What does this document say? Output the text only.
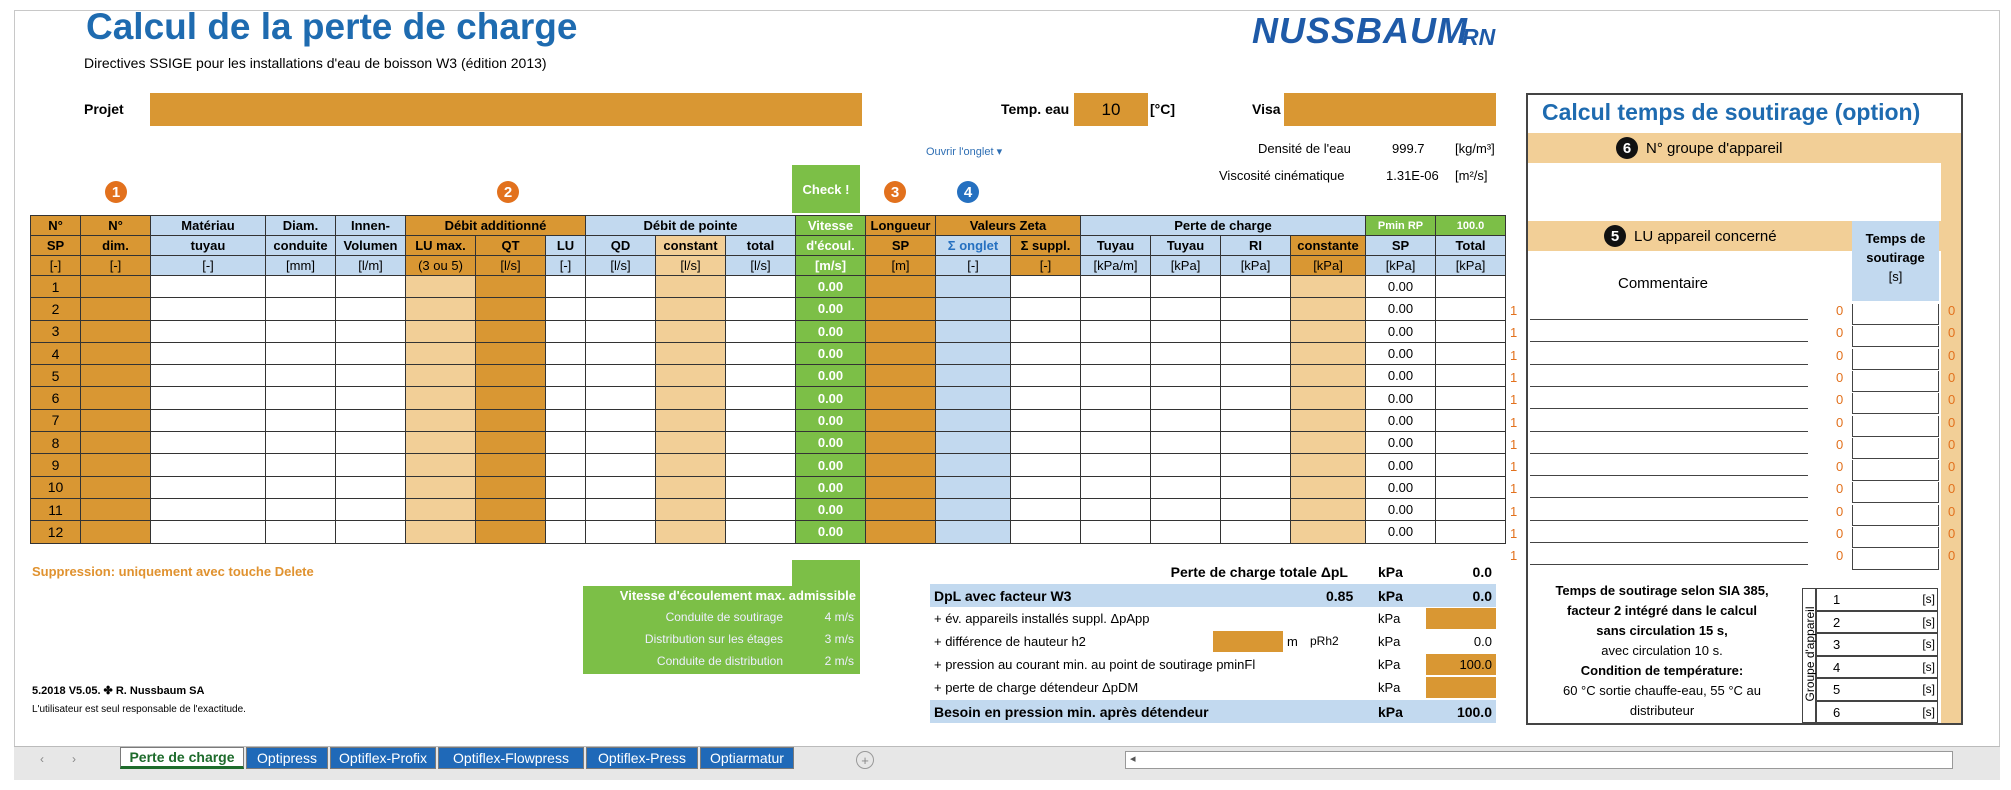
Calcul de la perte de charge
Directives SSIGE pour les installations d'eau de boisson W3 (édition 2013)
NUSSBAUM
RN
Projet	Temp. eau	10	[°C]	Visa
Ouvrir l'onglet ▾	Densité de l'eau	999.7 [kg/m³]
Viscosité cinématique	1.31E-06 [m²/s]
1	2	3	4
Check !
N°	N°	Matériau	Diam.	Innen-	Débit additionné			Débit de pointe			Vitesse	Longueur	Valeurs Zeta		Perte de charge				Pmin RP	100.0
SP	dim.	tuyau	conduite	Volumen	LU max.	QT	LU	QD	constant	total	d'écoul.	SP	Σ onglet	Σ suppl.	Tuyau	Tuyau	RI	constante	SP	Total
[-]	[-]	[-]	[mm]	[l/m]	(3 ou 5)	[l/s]	[-]	[l/s]	[l/s]	[l/s]	[m/s]	[m]	[-]	[-]	[kPa/m]	[kPa]	[kPa]	[kPa]	[kPa]	[kPa]
1											0.00								0.00	
2											0.00								0.00	
3											0.00								0.00	
4											0.00								0.00	
5											0.00								0.00	
6											0.00								0.00	
7											0.00								0.00	
8											0.00								0.00	
9											0.00								0.00	
10											0.00								0.00	
11											0.00								0.00	
12											0.00								0.00	
Suppression: uniquement avec touche Delete
5.2018 V5.05. ✤ R. Nussbaum SA
L'utilisateur est seul responsable de l'exactitude.
Vitesse d'écoulement max. admissible
Conduite de soutirage	4 m/s
Distribution sur les étages	3 m/s
Conduite de distribution	2 m/s
Perte de charge totale ΔpL kPa	0.0
DpL avec facteur W3	0.85 kPa	0.0
+ év. appareils installés suppl. ΔpApp	kPa
+ différence de hauteur h2	kPa	0.0
m pRh2
+ pression au courant min. au point de soutirage pminFl	kPa	100.0
+ perte de charge détendeur ΔpDM	kPa
Besoin en pression min. après détendeur	kPa	100.0
Calcul temps de soutirage (option)
6 N° groupe d'appareil
5 LU appareil concerné	Temps de
soutirage
[s]
Commentaire
1	0	0
1	0	0
1	0	0
1	0	0
1	0	0
1	0	0
1	0	0
1	0	0
1	0	0
1	0	0
1	0	0
1	0	0
Temps de soutirage selon SIA 385,
facteur 2 intégré dans le calcul
sans circulation 15 s,
avec circulation 10 s.
Condition de température:
60 °C sortie chauffe-eau, 55 °C au
distributeur
Groupe d'appareil
1	[s]
2	[s]
3	[s]
4	[s]
5	[s]
6	[s]
‹ ›	Perte de charge	Optipress	Optiflex-Profix	Optiflex-Flowpress	Optiflex-Press	Optiarmatur	+	◂
